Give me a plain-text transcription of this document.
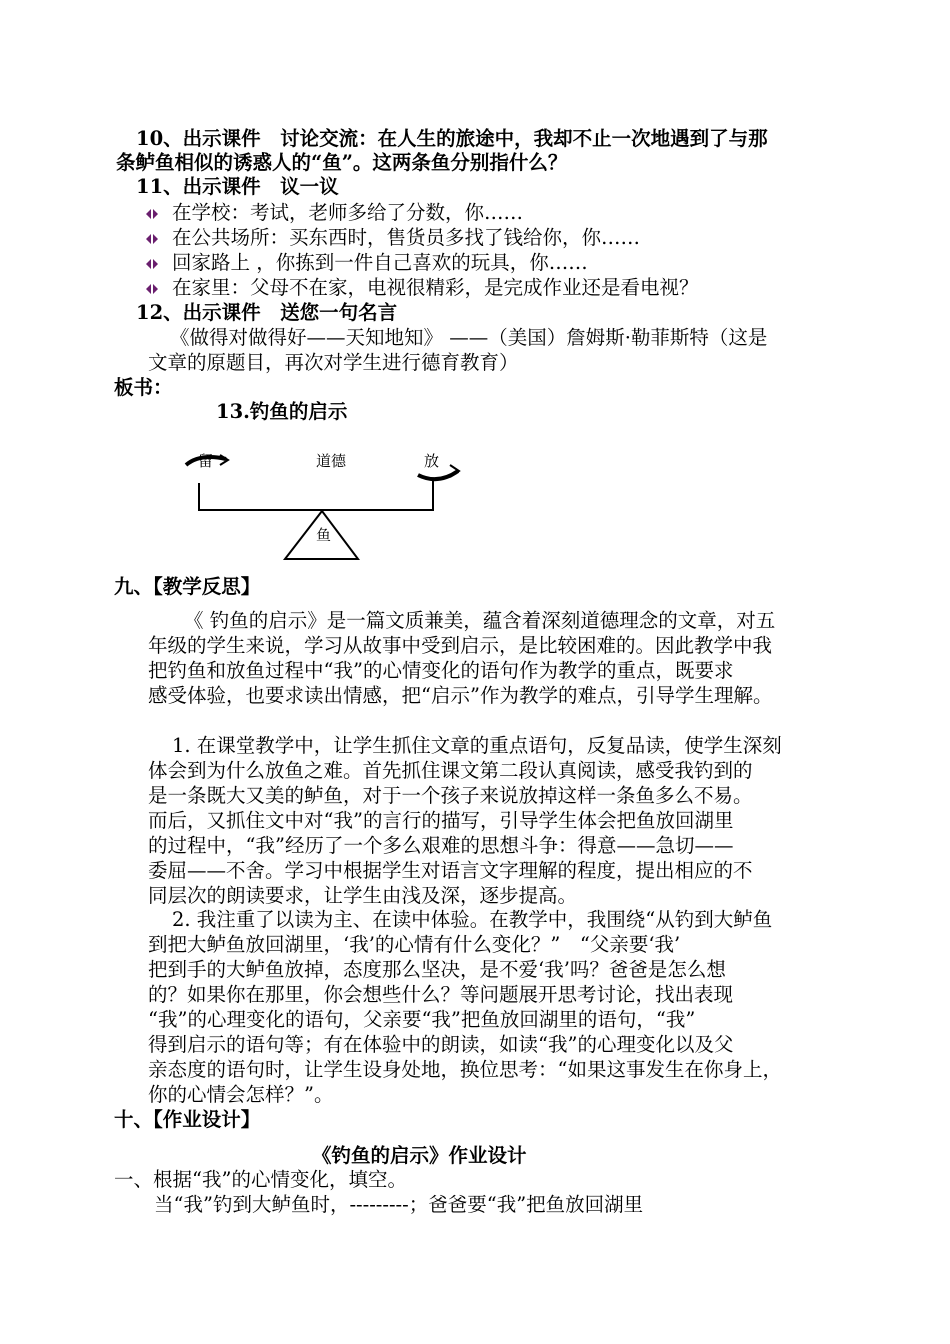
10、出示课件　讨论交流：在人生的旅途中，我却不止一次地遇到了与那
条鲈鱼相似的诱惑人的“鱼”。这两条鱼分别指什么？
11、出示课件　议一议
在学校：考试，老师多给了分数，你……
在公共场所：买东西时，售货员多找了钱给你，你……
回家路上 ，你拣到一件自己喜欢的玩具，你……
在家里：父母不在家，电视很精彩，是完成作业还是看电视？
12、出示课件　送您一句名言
《做得对做得好——天知地知》 ——（美国）詹姆斯·勒菲斯特（这是
文章的原题目，再次对学生进行德育教育）
板书：
13.钓鱼的启示
留	道德	放
鱼
九、【教学反思】
《 钓鱼的启示》是一篇文质兼美，蕴含着深刻道德理念的文章，对五
年级的学生来说，学习从故事中受到启示，是比较困难的。因此教学中我
把钓鱼和放鱼过程中“我”的心情变化的语句作为教学的重点，既要求
感受体验，也要求读出情感，把“启示”作为教学的难点，引导学生理解。
1. 在课堂教学中，让学生抓住文章的重点语句，反复品读，使学生深刻
体会到为什么放鱼之难。首先抓住课文第二段认真阅读，感受我钓到的
是一条既大又美的鲈鱼，对于一个孩子来说放掉这样一条鱼多么不易。
而后，又抓住文中对“我”的言行的描写，引导学生体会把鱼放回湖里
的过程中，“我”经历了一个多么艰难的思想斗争：得意——急切——
委屈——不舍。学习中根据学生对语言文字理解的程度，提出相应的不
同层次的朗读要求，让学生由浅及深，逐步提高。
2. 我注重了以读为主、在读中体验。在教学中，我围绕“从钓到大鲈鱼
到把大鲈鱼放回湖里，‘我’的心情有什么变化？”　“父亲要‘我’
把到手的大鲈鱼放掉，态度那么坚决，是不爱‘我’吗？爸爸是怎么想
的？如果你在那里，你会想些什么？等问题展开思考讨论，找出表现
“我”的心理变化的语句，父亲要“我”把鱼放回湖里的语句，“我”
得到启示的语句等；有在体验中的朗读，如读“我”的心理变化以及父
亲态度的语句时，让学生设身处地，换位思考：“如果这事发生在你身上，
你的心情会怎样？”。
十、【作业设计】
《钓鱼的启示》作业设计
一、根据“我”的心情变化，填空。
当“我”钓到大鲈鱼时，---------；爸爸要“我”把鱼放回湖里
